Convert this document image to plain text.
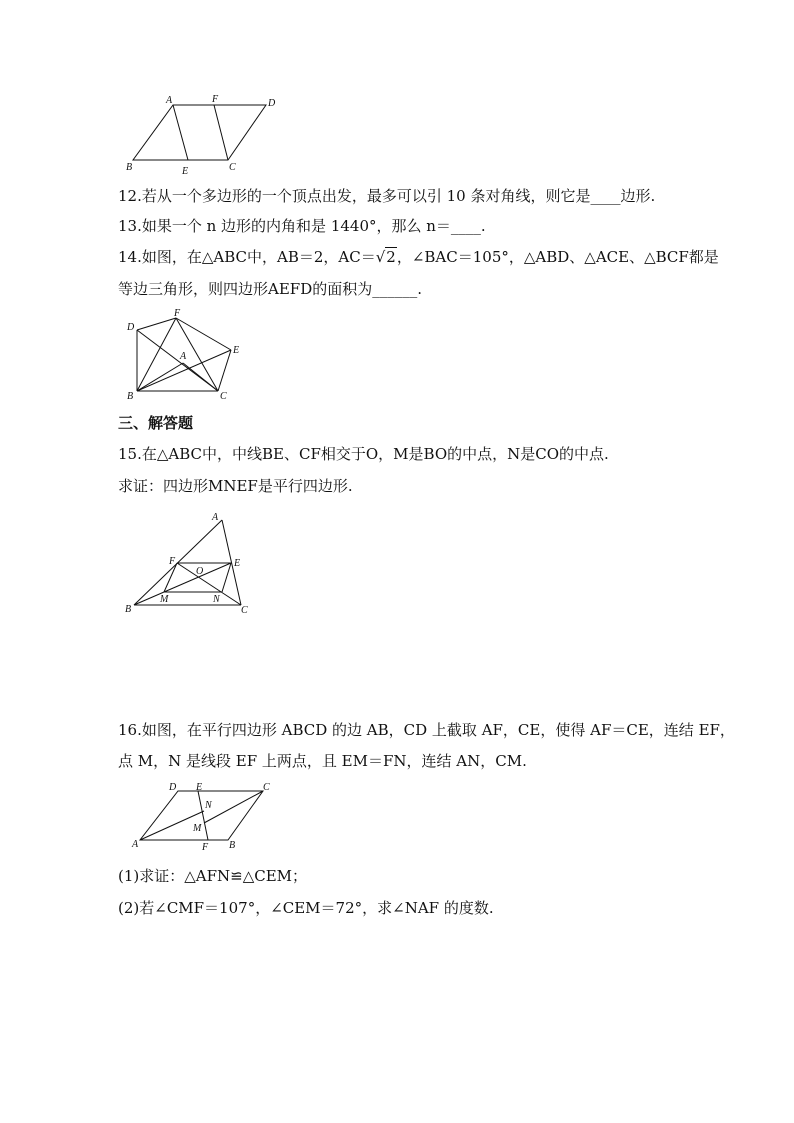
A	F	D
B	E	C
12.若从一个多边形的一个顶点出发，最多可以引 10 条对角线，则它是____边形.
13.如果一个 n 边形的内角和是 1440°，那么 n＝____.
14.如图，在△ABC中，AB＝2，AC＝√2，∠BAC＝105°，△ABD、△ACE、△BCF都是
等边三角形，则四边形AEFD的面积为______.
D
F
E
A
B	C
三、解答题
15.在△ABC中，中线BE、CF相交于O，M是BO的中点，N是CO的中点.
求证：四边形MNEF是平行四边形.
A
F
O
E
B
M	N
C
16.如图，在平行四边形 ABCD 的边 AB，CD 上截取 AF，CE，使得 AF＝CE，连结 EF，
点 M，N 是线段 EF 上两点，且 EM＝FN，连结 AN，CM.
D E	C
N
M
A	F B
(1)求证：△AFN≌△CEM；
(2)若∠CMF＝107°，∠CEM＝72°，求∠NAF 的度数.
